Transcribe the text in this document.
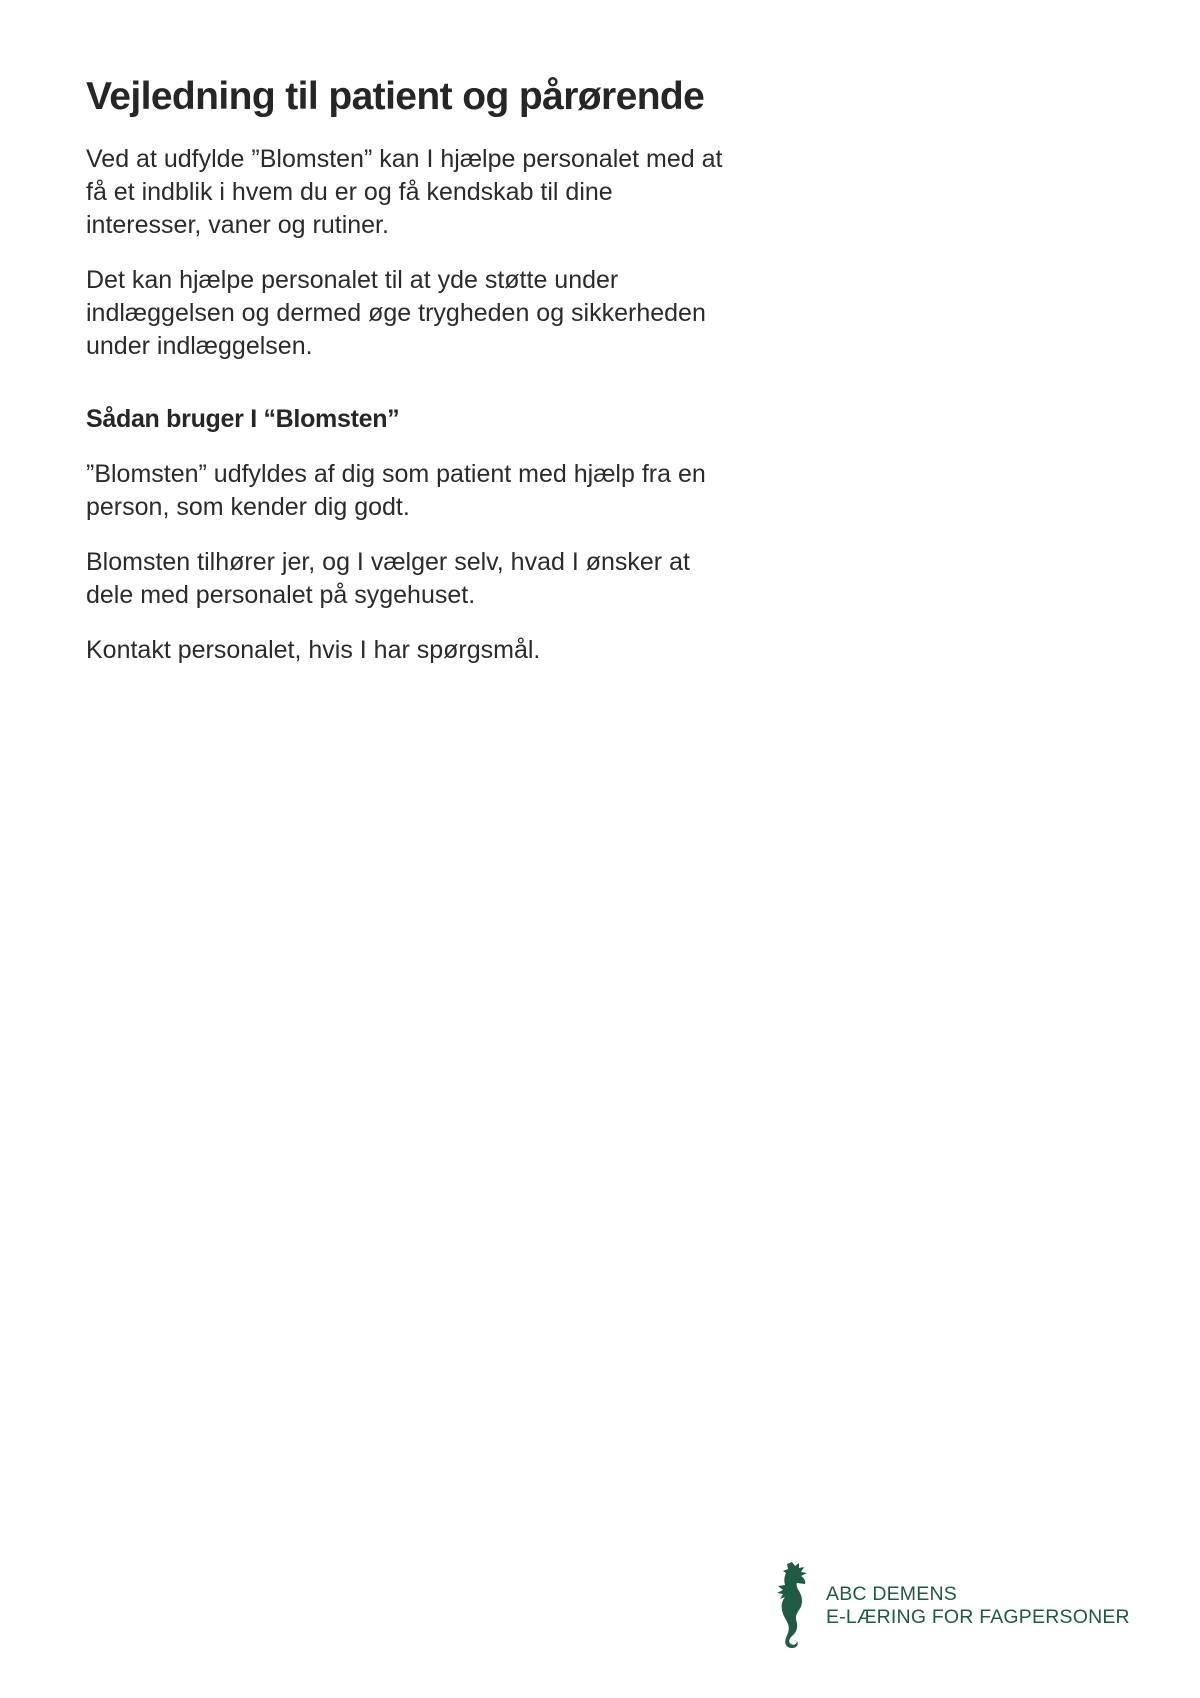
Vejledning til patient og pårørende

Ved at udfylde ”Blomsten” kan I hjælpe personalet med at få et indblik i hvem du er og få kendskab til dine interesser, vaner og rutiner.

Det kan hjælpe personalet til at yde støtte under indlæggelsen og dermed øge trygheden og sikkerheden under indlæggelsen.

Sådan bruger I “Blomsten”

”Blomsten” udfyldes af dig som patient med hjælp fra en person, som kender dig godt.

Blomsten tilhører jer, og I vælger selv, hvad I ønsker at dele med personalet på sygehuset.

Kontakt personalet, hvis I har spørgsmål.

ABC DEMENS
E-LÆRING FOR FAGPERSONER
